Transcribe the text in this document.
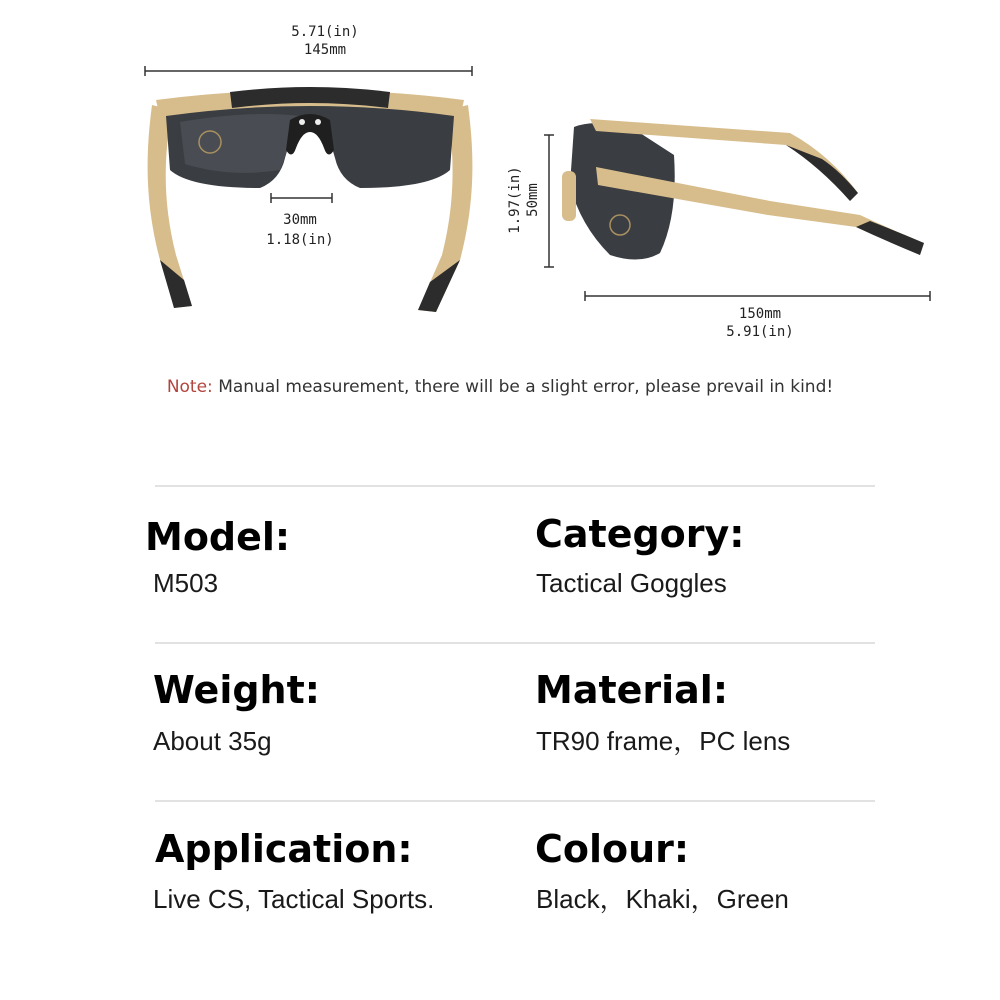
5.71(in)
145mm
30mm
1.18(in)
1.97(in) 50mm
150mm
5.91(in)
Note: Manual measurement, there will be a slight error, please prevail in kind!
Model:
M503
Category:
Tactical Goggles
Weight:
About 35g
Material:
TR90 frame，PC lens
Application:
Live CS, Tactical Sports.
Colour:
Black，Khaki，Green
